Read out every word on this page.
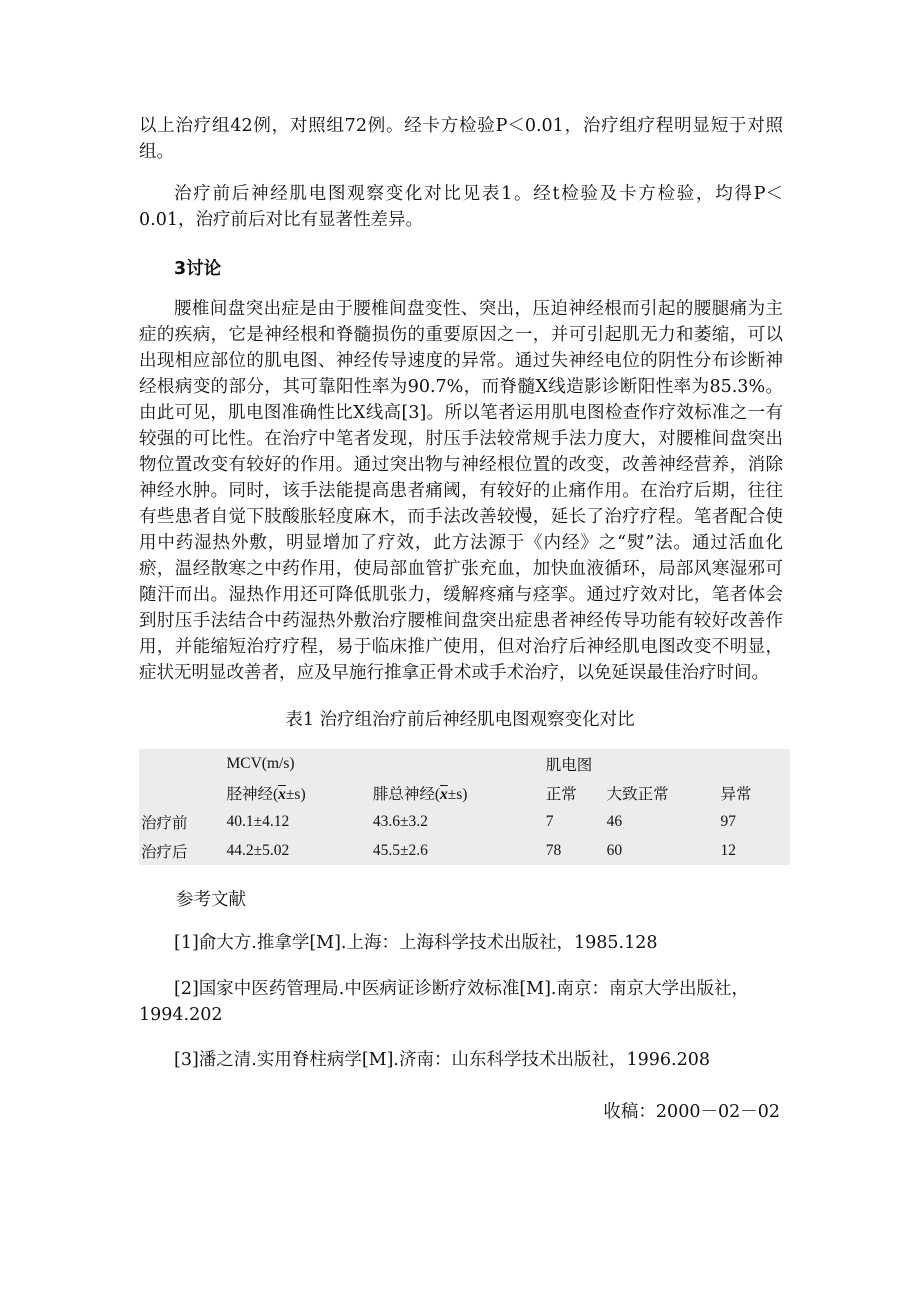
以上治疗组42例，对照组72例。经卡方检验P＜0.01，治疗组疗程明显短于对照组。

治疗前后神经肌电图观察变化对比见表1。经t检验及卡方检验，均得P＜0.01，治疗前后对比有显著性差异。

3讨论

腰椎间盘突出症是由于腰椎间盘变性、突出，压迫神经根而引起的腰腿痛为主症的疾病，它是神经根和脊髓损伤的重要原因之一，并可引起肌无力和萎缩，可以出现相应部位的肌电图、神经传导速度的异常。通过失神经电位的阴性分布诊断神经根病变的部分，其可靠阳性率为90.7%，而脊髓X线造影诊断阳性率为85.3%。由此可见，肌电图准确性比X线高[3]。所以笔者运用肌电图检查作疗效标准之一有较强的可比性。在治疗中笔者发现，肘压手法较常规手法力度大，对腰椎间盘突出物位置改变有较好的作用。通过突出物与神经根位置的改变，改善神经营养，消除神经水肿。同时，该手法能提高患者痛阈，有较好的止痛作用。在治疗后期，往往有些患者自觉下肢酸胀轻度麻木，而手法改善较慢，延长了治疗疗程。笔者配合使用中药湿热外敷，明显增加了疗效，此方法源于《内经》之“熨”法。通过活血化瘀，温经散寒之中药作用，使局部血管扩张充血，加快血液循环，局部风寒湿邪可随汗而出。湿热作用还可降低肌张力，缓解疼痛与痉挛。通过疗效对比，笔者体会到肘压手法结合中药湿热外敷治疗腰椎间盘突出症患者神经传导功能有较好改善作用，并能缩短治疗疗程，易于临床推广使用，但对治疗后神经肌电图改变不明显，症状无明显改善者，应及早施行推拿正骨术或手术治疗，以免延误最佳治疗时间。

表1 治疗组治疗前后神经肌电图观察变化对比

	MCV(m/s)		肌电图		
	胫神经$(\overline{x}\pm s)$	腓总神经$(\overline{x}\pm s)$	正常	大致正常	异常
治疗前	40.1±4.12	43.6±3.2	7	46	97
治疗后	44.2±5.02	45.5±2.6	78	60	12

参考文献

[1]俞大方.推拿学[M].上海：上海科学技术出版社，1985.128

[2]国家中医药管理局.中医病证诊断疗效标准[M].南京：南京大学出版社，1994.202

[3]潘之清.实用脊柱病学[M].济南：山东科学技术出版社，1996.208

收稿：2000－02－02
